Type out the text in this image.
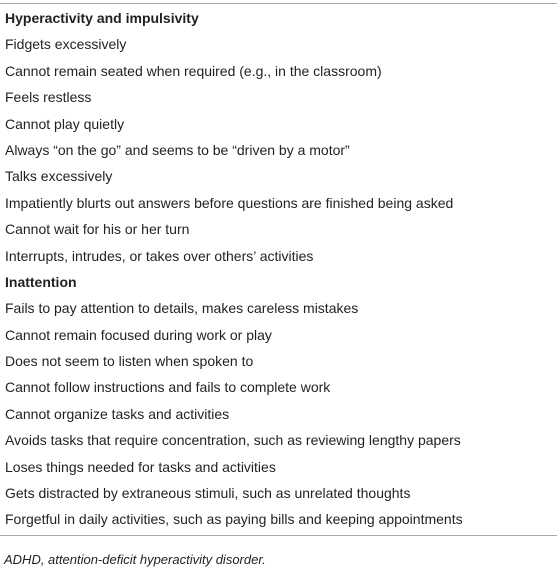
Hyperactivity and impulsivity
Fidgets excessively
Cannot remain seated when required (e.g., in the classroom)
Feels restless
Cannot play quietly
Always “on the go” and seems to be “driven by a motor”
Talks excessively
Impatiently blurts out answers before questions are finished being asked
Cannot wait for his or her turn
Interrupts, intrudes, or takes over others’ activities
Inattention
Fails to pay attention to details, makes careless mistakes
Cannot remain focused during work or play
Does not seem to listen when spoken to
Cannot follow instructions and fails to complete work
Cannot organize tasks and activities
Avoids tasks that require concentration, such as reviewing lengthy papers
Loses things needed for tasks and activities
Gets distracted by extraneous stimuli, such as unrelated thoughts
Forgetful in daily activities, such as paying bills and keeping appointments
ADHD, attention-deficit hyperactivity disorder.
